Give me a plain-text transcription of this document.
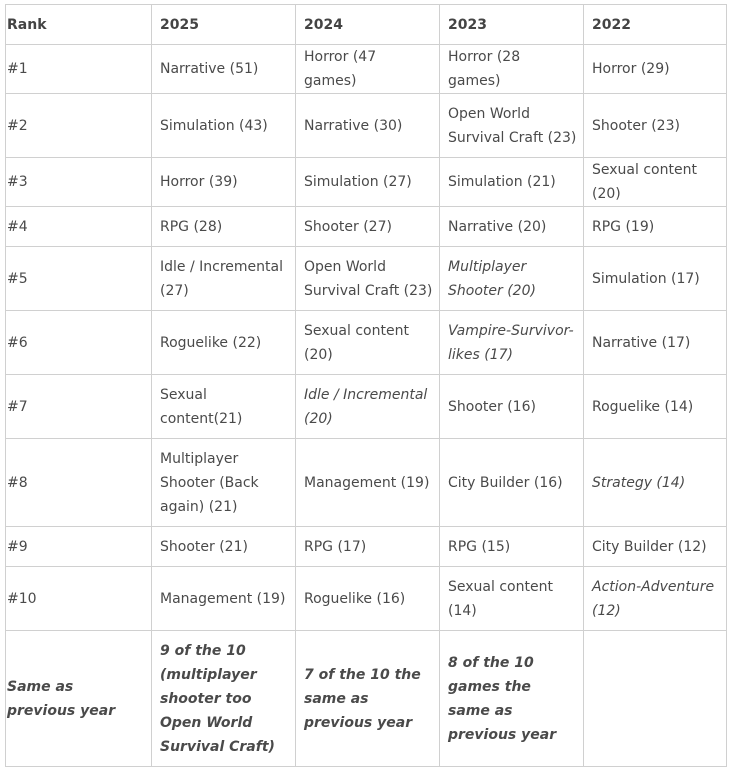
Rank	2025	2024	2023	2022
#1	Narrative (51)	Horror (47 games)	Horror (28 games)	Horror (29)
#2	Simulation (43)	Narrative (30)	Open World Survival Craft (23)	Shooter (23)
#3	Horror (39)	Simulation (27)	Simulation (21)	Sexual content (20)
#4	RPG (28)	Shooter (27)	Narrative (20)	RPG (19)
#5	Idle / Incremental (27)	Open World Survival Craft (23)	Multiplayer Shooter (20)	Simulation (17)
#6	Roguelike (22)	Sexual content (20)	Vampire-Survivor-likes (17)	Narrative (17)
#7	Sexual content(21)	Idle / Incremental (20)	Shooter (16)	Roguelike (14)
#8	Multiplayer Shooter (Back again) (21)	Management (19)	City Builder (16)	Strategy (14)
#9	Shooter (21)	RPG (17)	RPG (15)	City Builder (12)
#10	Management (19)	Roguelike (16)	Sexual content (14)	Action-Adventure (12)
Same as previous year	9 of the 10 (multiplayer shooter too Open World Survival Craft)	7 of the 10 the same as previous year	8 of the 10 games the same as previous year	
